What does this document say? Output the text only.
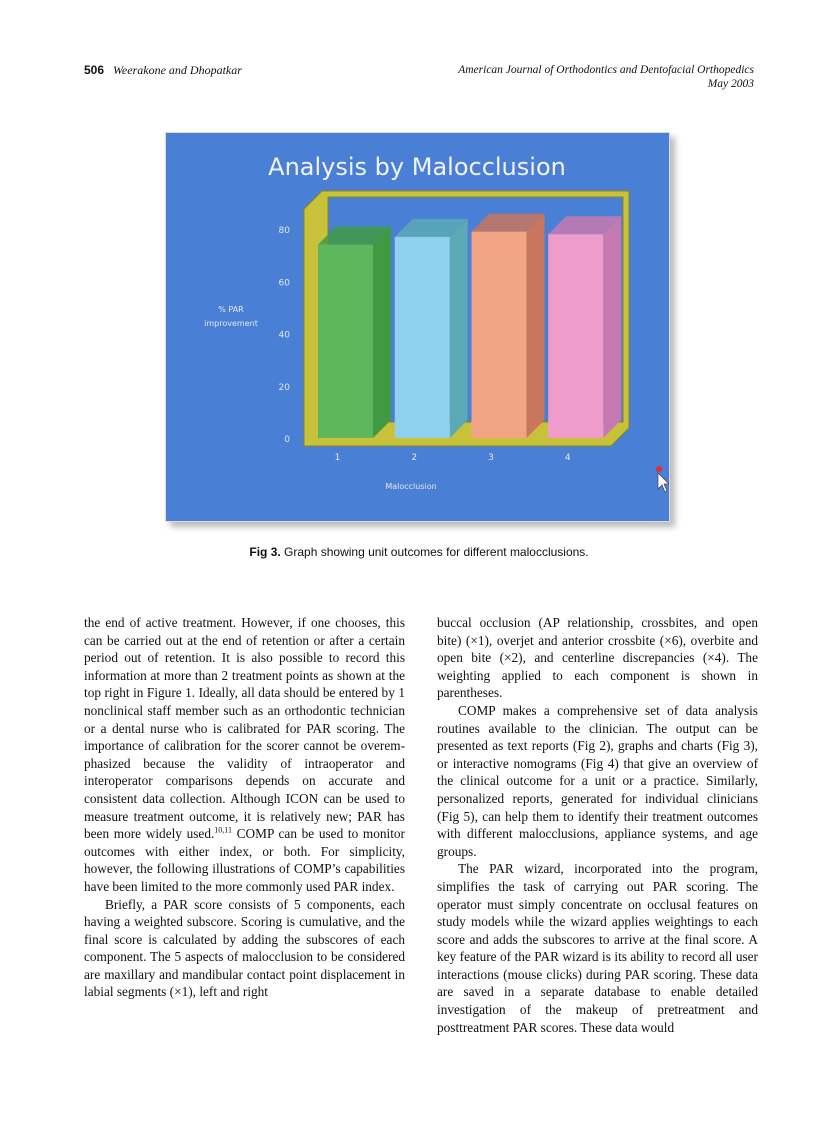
506 Weerakone and Dhopatkar	American Journal of Orthodontics and Dentofacial Orthopedics
May 2003
Analysis by Malocclusion
0
20
40
60
80
% PAR
improvement
1	2	3	4
Malocclusion
Fig 3. Graph showing unit outcomes for different malocclusions.

the end of active treatment. However, if one chooses, this can be carried out at the end of retention or after a certain period out of retention. It is also possible to record this information at more than 2 treatment points as shown at the top right in Figure 1. Ideally, all data should be entered by 1 nonclinical staff member such as an orthodontic technician or a dental nurse who is calibrated for PAR scoring. The importance of calibration for the scorer cannot be overemphasized because the validity of intraoperator and interoperator comparisons depends on accurate and consistent data collection. Although ICON can be used to measure treatment outcome, it is relatively new; PAR has been more widely used.$^{10,11}$ COMP can be used to monitor outcomes with either index, or both. For simplicity, however, the following illustrations of COMP’s capabilities have been limited to the more commonly used PAR index.

Briefly, a PAR score consists of 5 components, each having a weighted subscore. Scoring is cumulative, and the final score is calculated by adding the subscores of each component. The 5 aspects of malocclusion to be considered are maxillary and mandibular contact point displacement in labial segments (×1), left and right

buccal occlusion (AP relationship, crossbites, and open bite) (×1), overjet and anterior crossbite (×6), overbite and open bite (×2), and centerline discrepancies (×4). The weighting applied to each component is shown in parentheses.

COMP makes a comprehensive set of data analysis routines available to the clinician. The output can be presented as text reports (Fig 2), graphs and charts (Fig 3), or interactive nomograms (Fig 4) that give an overview of the clinical outcome for a unit or a practice. Similarly, personalized reports, generated for individual clinicians (Fig 5), can help them to identify their treatment outcomes with different malocclusions, appliance systems, and age groups.

The PAR wizard, incorporated into the program, simplifies the task of carrying out PAR scoring. The operator must simply concentrate on occlusal features on study models while the wizard applies weightings to each score and adds the subscores to arrive at the final score. A key feature of the PAR wizard is its ability to record all user interactions (mouse clicks) during PAR scoring. These data are saved in a separate database to enable detailed investigation of the makeup of pretreatment and posttreatment PAR scores. These data would
